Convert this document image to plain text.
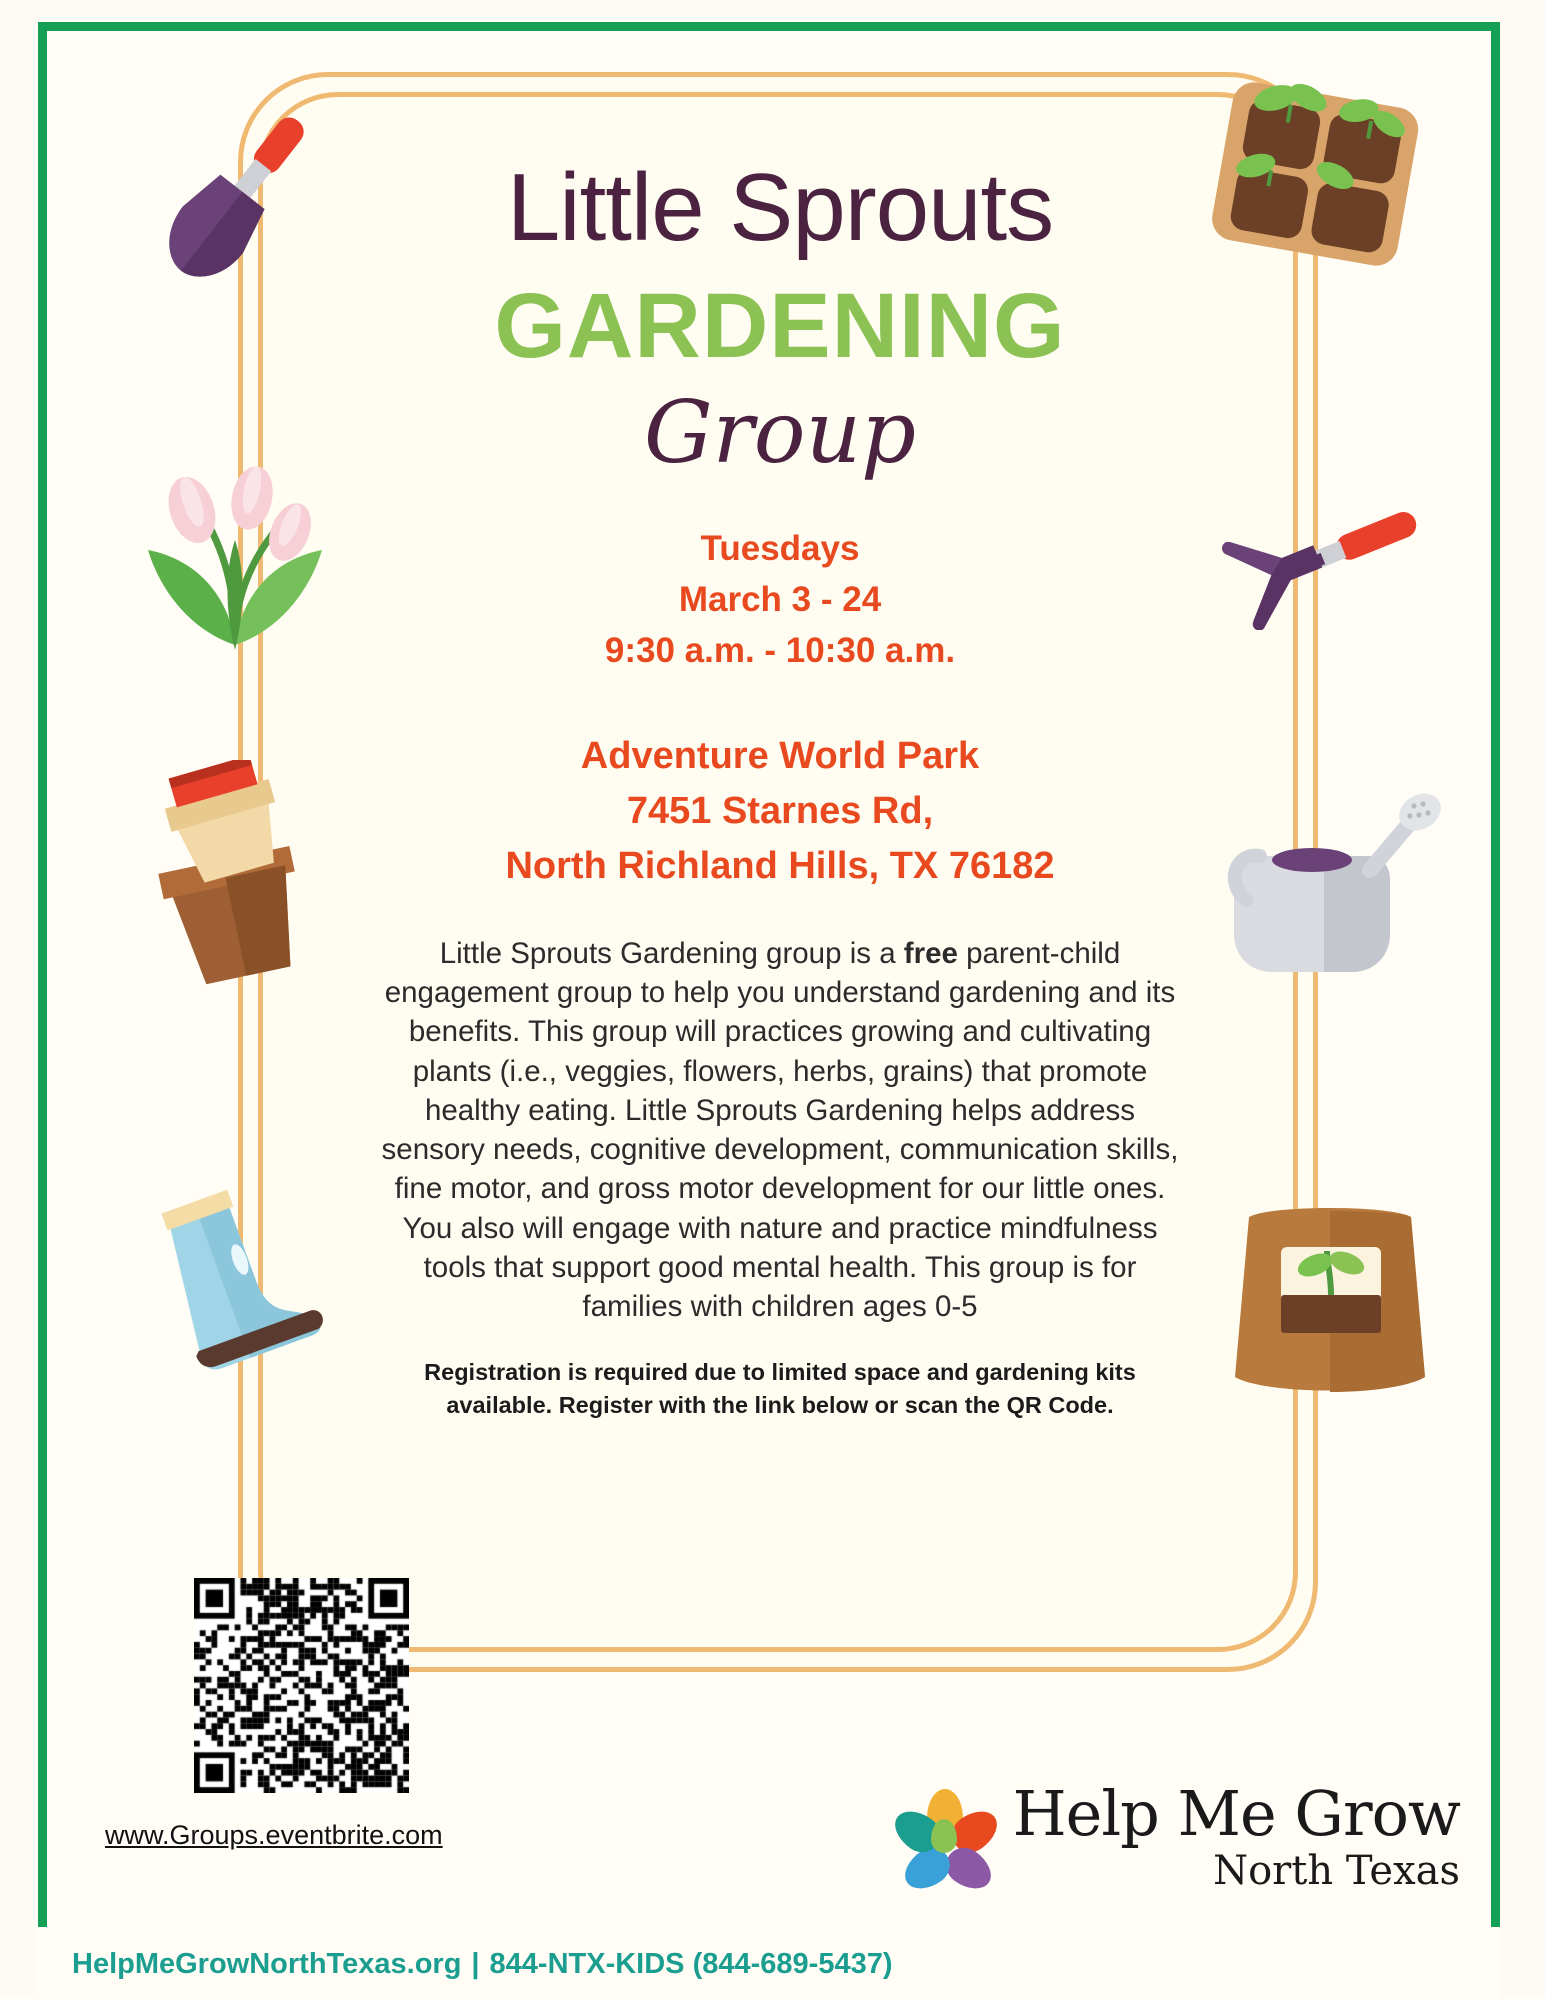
Little Sprouts
GARDENING
Group
Tuesdays
March 3 - 24
9:30 a.m. - 10:30 a.m.
Adventure World Park
7451 Starnes Rd,
North Richland Hills, TX 76182

Little Sprouts Gardening group is a free parent-child engagement group to help you understand gardening and its benefits. This group will practices growing and cultivating plants (i.e., veggies, flowers, herbs, grains) that promote healthy eating. Little Sprouts Gardening helps address sensory needs, cognitive development, communication skills, fine motor, and gross motor development for our little ones. You also will engage with nature and practice mindfulness tools that support good mental health. This group is for families with children ages 0-5

Registration is required due to limited space and gardening kits available. Register with the link below or scan the QR Code.

www.Groups.eventbrite.com	Help Me Grow
North Texas
HelpMeGrowNorthTexas.org | 844-NTX-KIDS (844-689-5437)
